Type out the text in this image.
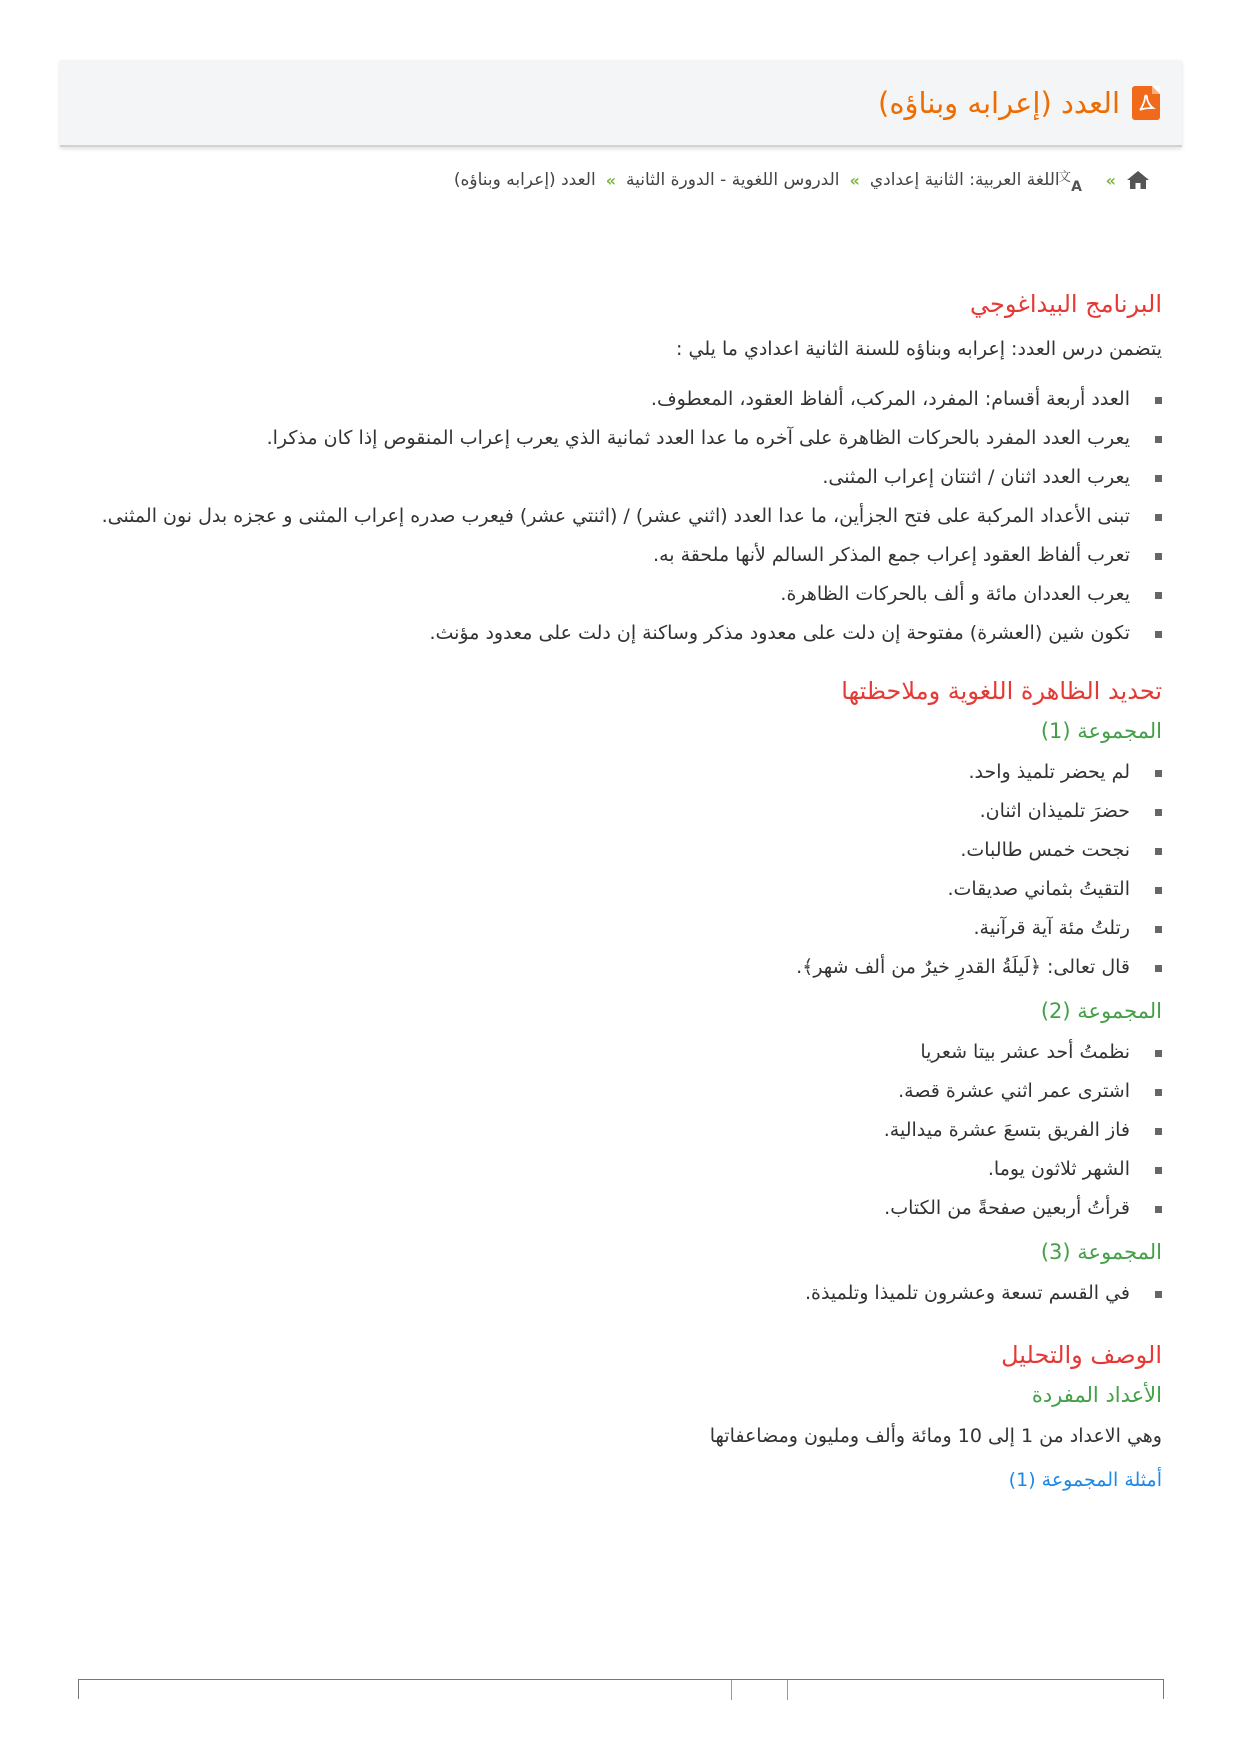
العدد (إعرابه وبناؤه)
»
文
A
اللغة العربية: الثانية إعدادي
»
الدروس اللغوية - الدورة الثانية
»
العدد (إعرابه وبناؤه)
البرنامج البيداغوجي

يتضمن درس العدد: إعرابه وبناؤه للسنة الثانية اعدادي ما يلي :

العدد أربعة أقسام: المفرد، المركب، ألفاظ العقود، المعطوف.
يعرب العدد المفرد بالحركات الظاهرة على آخره ما عدا العدد ثمانية الذي يعرب إعراب المنقوص إذا كان مذكرا.
يعرب العدد اثنان / اثنتان إعراب المثنى.
تبنى الأعداد المركبة على فتح الجزأين، ما عدا العدد (اثني عشر) / (اثنتي عشر) فيعرب صدره إعراب المثنى و عجزه بدل نون المثنى.
تعرب ألفاظ العقود إعراب جمع المذكر السالم لأنها ملحقة به.
يعرب العددان مائة و ألف بالحركات الظاهرة.
تكون شين (العشرة) مفتوحة إن دلت على معدود مذكر وساكنة إن دلت على معدود مؤنث.
تحديد الظاهرة اللغوية وملاحظتها
المجموعة (1)
لم يحضر تلميذ واحد.
حضرَ تلميذان اثنان.
نجحت خمس طالبات.
التقيتُ بثماني صديقات.
رتلتُ مئة آية قرآنية.
قال تعالى: ﴿لَيلَةُ القدرِ خيرٌ من ألف شهر﴾.
المجموعة (2)
نظمتُ أحد عشر بيتا شعريا
اشترى عمر اثني عشرة قصة.
فاز الفريق بتسعَ عشرة ميدالية.
الشهر ثلاثون يوما.
قرأتُ أربعين صفحةً من الكتاب.
المجموعة (3)
في القسم تسعة وعشرون تلميذا وتلميذة.
الوصف والتحليل
الأعداد المفردة

وهي الاعداد من 1 إلى 10 ومائة وألف ومليون ومضاعفاتها

أمثلة المجموعة (1)
